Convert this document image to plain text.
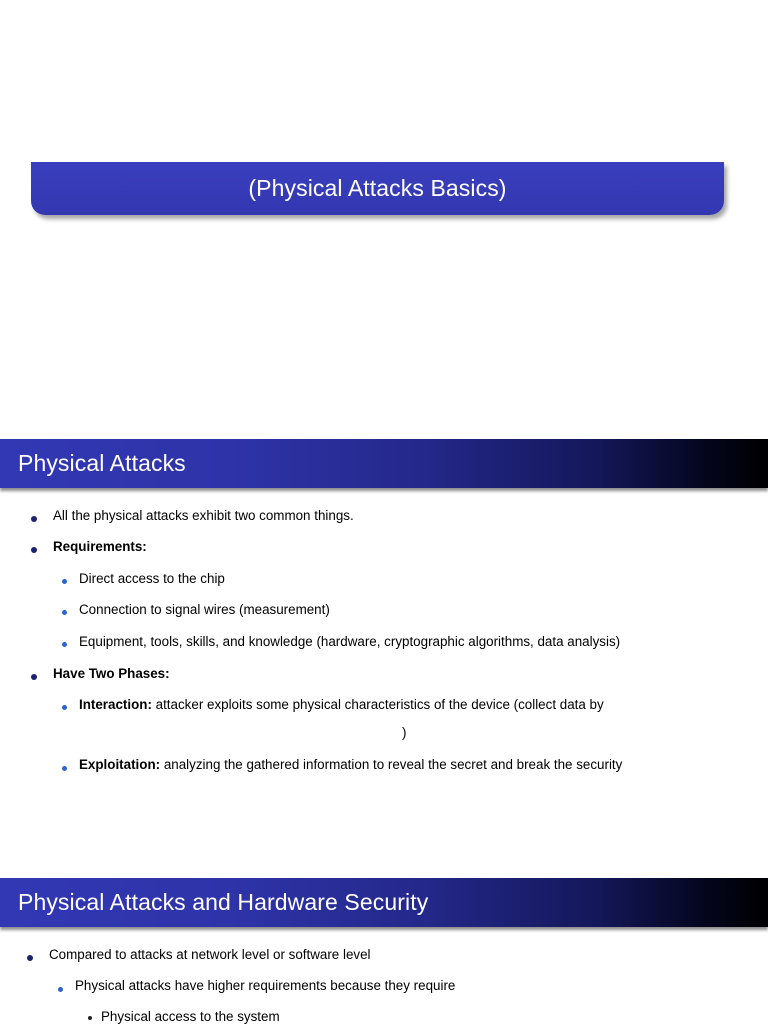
(Physical Attacks Basics)
Physical Attacks
All the physical attacks exhibit two common things.
Requirements:
Direct access to the chip
Connection to signal wires (measurement)
Equipment, tools, skills, and knowledge (hardware, cryptographic algorithms, data analysis)
Have Two Phases:
Interaction: attacker exploits some physical characteristics of the device (collect data by
)
Exploitation: analyzing the gathered information to reveal the secret and break the security
Physical Attacks and Hardware Security
Compared to attacks at network level or software level
Physical attacks have higher requirements because they require
Physical access to the system
